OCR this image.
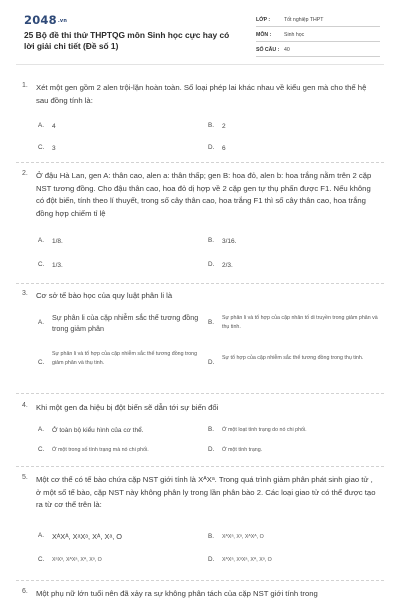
2048.vn
25 Bộ đề thi thử THPTQG môn Sinh học cực hay có lời giải chi tiết (Đề số 1)
LỚP :	Tốt nghiệp THPT
MÔN :	Sinh học
SỐ CÂU : 40
1. Xét một gen gồm 2 alen trội-lặn hoàn toàn. Số loại phép lai khác nhau về kiểu gen mà cho thế hệ sau đồng tính là:
A.	4	B.	2
C.	3	D.	6
2. Ở đậu Hà Lan, gen A: thân cao, alen a: thân thấp; gen B: hoa đỏ, alen b: hoa trắng nằm trên 2 cặp NST tương đồng. Cho đậu thân cao, hoa đỏ dị hợp về 2 cặp gen tự thụ phấn được F1. Nếu không có đột biến, tính theo lí thuyết, trong số cây thân cao, hoa trắng F1 thì số cây thân cao, hoa trắng đồng hợp chiếm tỉ lệ
A.	1/8.	B.	3/16.
C.	1/3.	D.	2/3.
3. Cơ sở tế bào học của quy luật phân li là
A.
Sự phân li của cặp nhiễm sắc thể tương đồng trong giảm phân
B.
Sự phân li và tổ hợp của cặp nhân tố di truyền trong giảm phân và thụ tinh.
C.
Sự phân li và tổ hợp của cặp nhiễm sắc thể tương đồng trong giảm phân và thụ tinh.	D.
Sự tổ hợp của cặp nhiễm sắc thể tương đồng trong thụ tinh.
4. Khi một gen đa hiệu bị đột biến sẽ dẫn tới sự biến đổi
A.	Ở toàn bộ kiểu hình của cơ thể.	B.	Ở một loạt tính trạng do nó chi phối.
C.	Ở một trong số tính trạng mà nó chi phối.	D.	Ở một tính trạng.
5. Một cơ thể có tế bào chứa cặp NST giới tính là XᴬXᵃ. Trong quá trình giảm phân phát sinh giao tử , ở một số tế bào, cặp NST này không phân ly trong lần phân bào 2. Các loại giao tử có thể được tạo ra từ cơ thể trên là:
A.	XᴬXᴬ, XᵃXᵃ, Xᴬ, Xᵃ, O	B.	XᴬXᵃ, Xᵃ, XᴬXᴬ, O
C.	XᵃXᵃ, XᴬXᵃ, Xᴬ, Xᵃ, O	D.	XᴬXᵃ, XᵃXᵃ, Xᴬ, Xᵃ, O
6. Một phụ nữ lớn tuổi nên đã xảy ra sự không phân tách của cặp NST giới tính trong
